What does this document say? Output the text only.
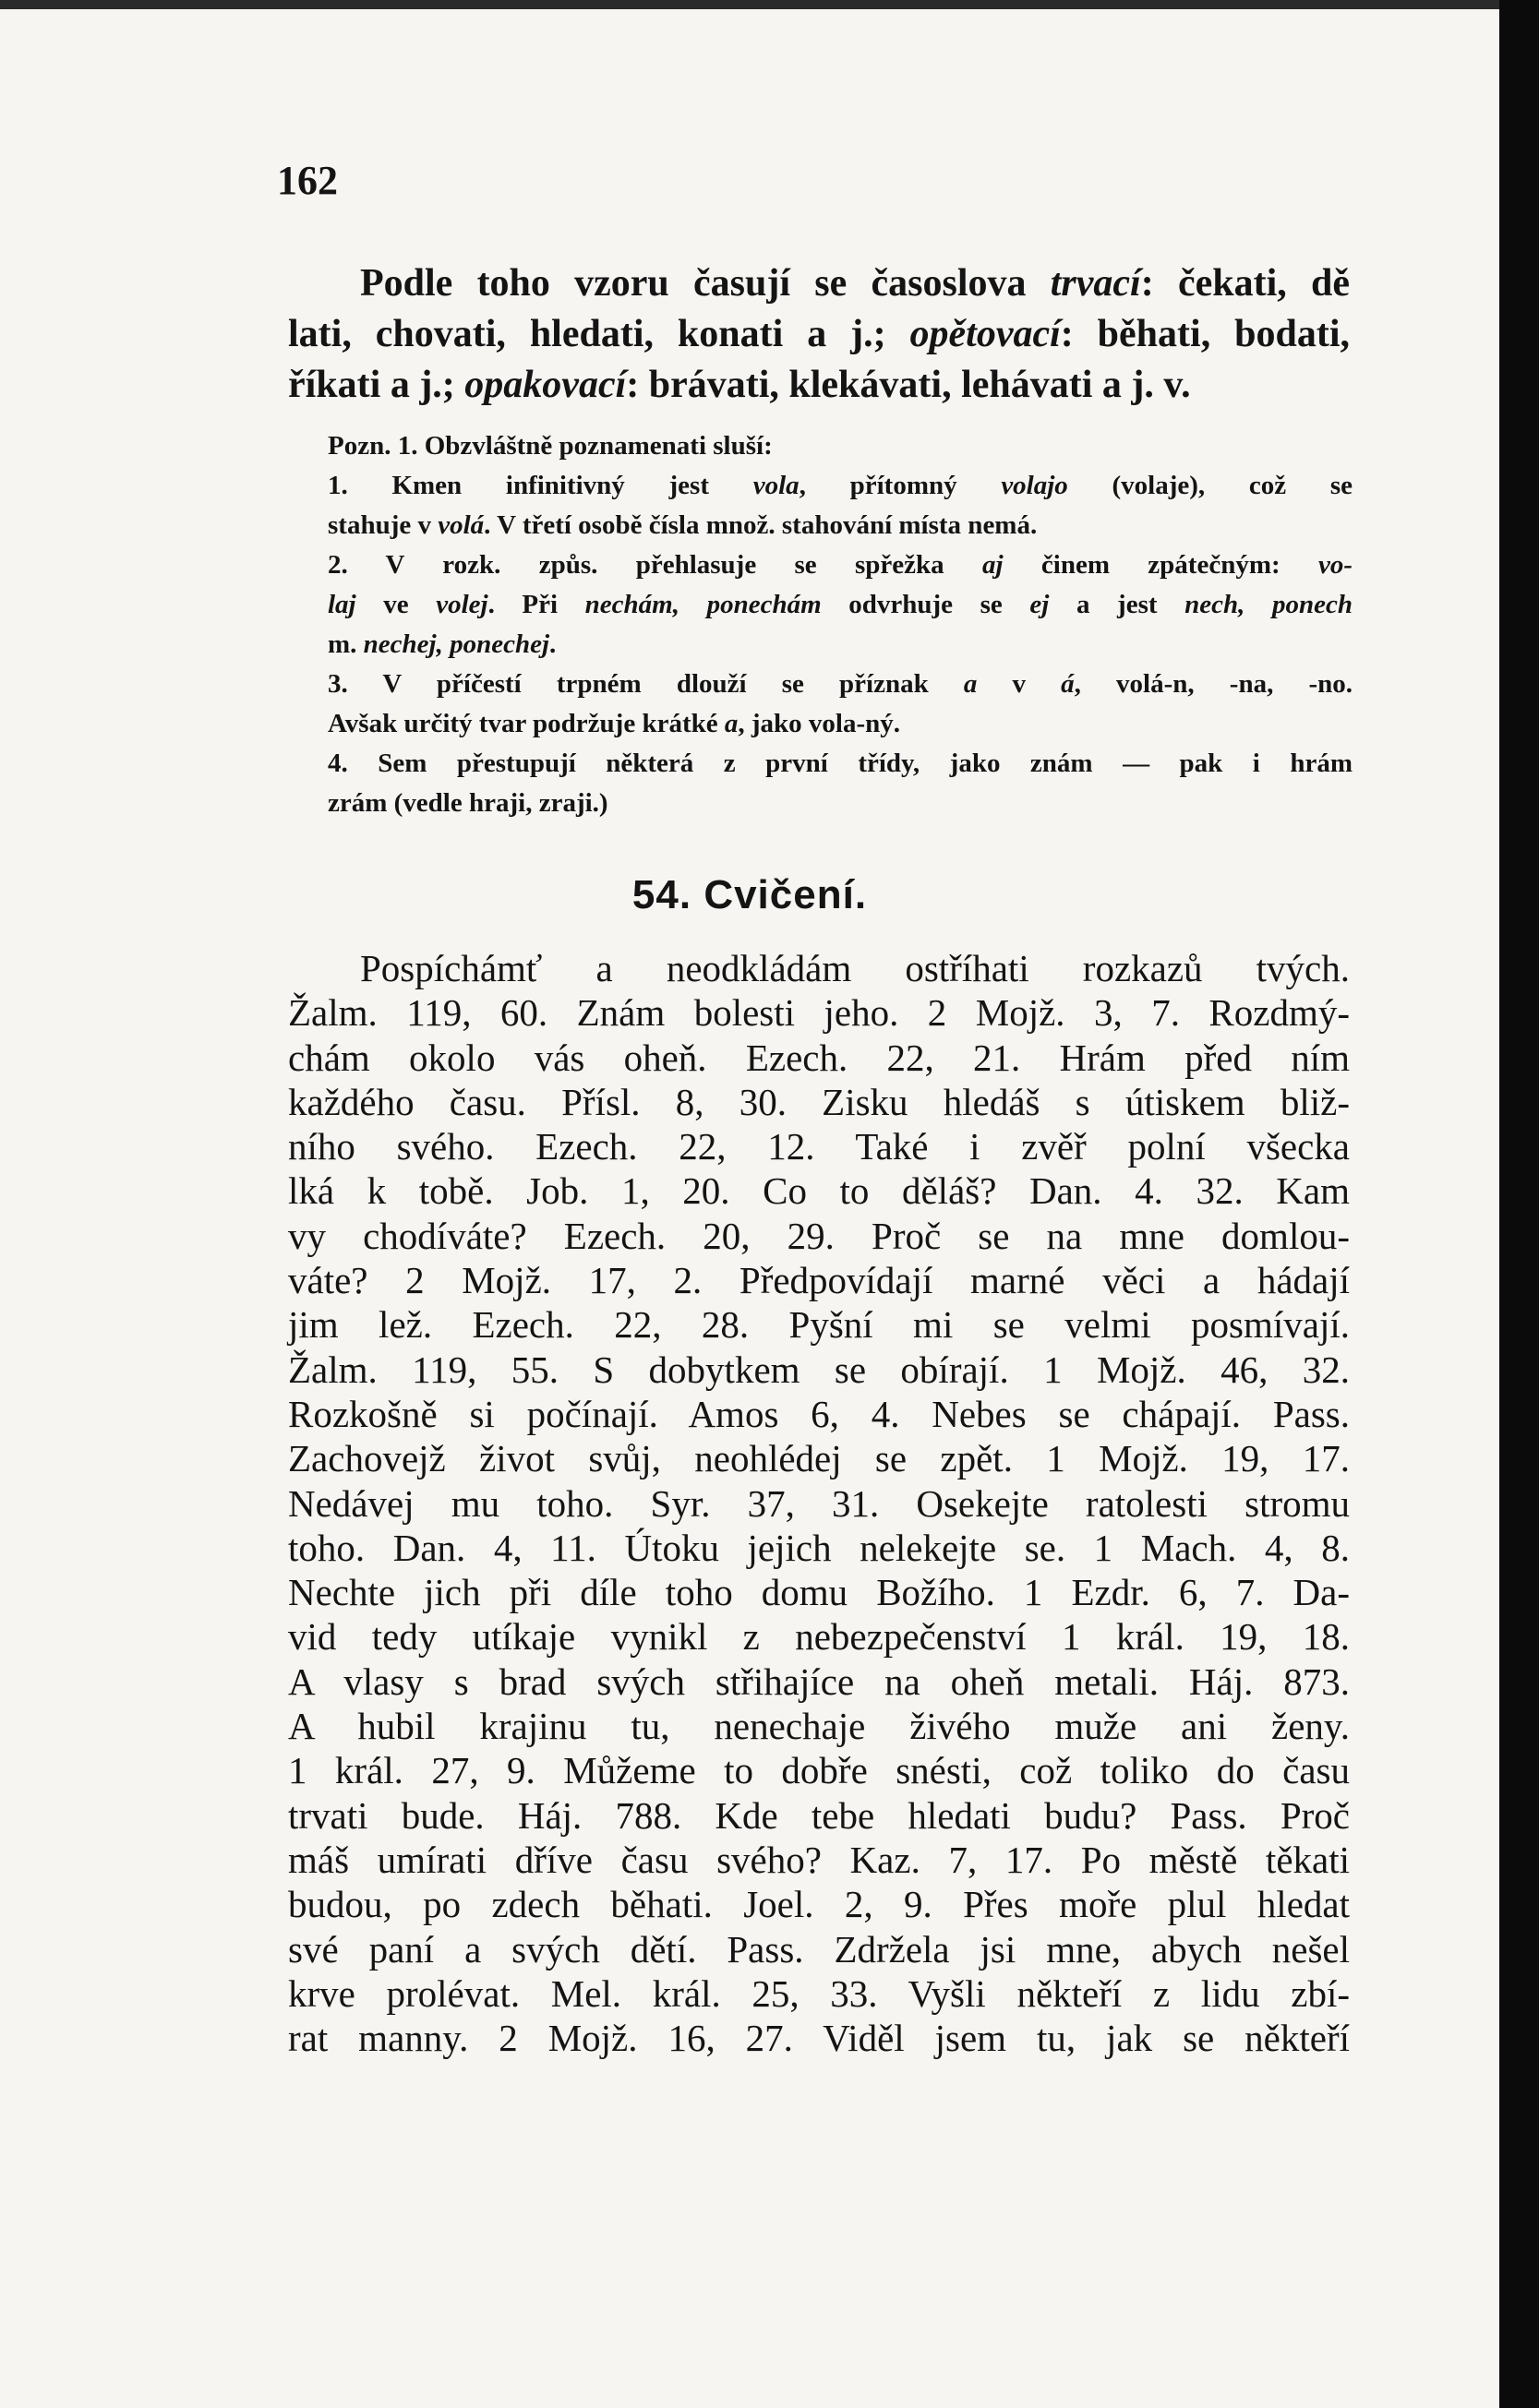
162
Podle toho vzoru časují se časoslova trvací: čekati, dě
lati, chovati, hledati, konati a j.; opětovací: běhati, bodati,
říkati a j.; opakovací: brávati, klekávati, lehávati a j. v.
Pozn. 1. Obzvláštně poznamenati sluší:
1. Kmen infinitivný jest vola, přítomný volajo (volaje), což se
stahuje v volá. V třetí osobě čísla množ. stahování místa nemá.
2. V rozk. způs. přehlasuje se spřežka aj činem zpátečným: vo-
laj ve volej. Při nechám, ponechám odvrhuje se ej a jest nech, ponech
m. nechej, ponechej.
3. V příčestí trpném dlouží se příznak a v á, volá-n, -na, -no.
Avšak určitý tvar podržuje krátké a, jako vola-ný.
4. Sem přestupují některá z první třídy, jako znám — pak i hrám
zrám (vedle hraji, zraji.)
54. Cvičení.
Pospíchámť a neodkládám ostříhati rozkazů tvých.
Žalm. 119, 60. Znám bolesti jeho. 2 Mojž. 3, 7. Rozdmý-
chám okolo vás oheň. Ezech. 22, 21. Hrám před ním
každého času. Přísl. 8, 30. Zisku hledáš s útiskem bliž-
ního svého. Ezech. 22, 12. Také i zvěř polní všecka
lká k tobě. Job. 1, 20. Co to děláš? Dan. 4. 32. Kam
vy chodíváte? Ezech. 20, 29. Proč se na mne domlou-
váte? 2 Mojž. 17, 2. Předpovídají marné věci a hádají
jim lež. Ezech. 22, 28. Pyšní mi se velmi posmívají.
Žalm. 119, 55. S dobytkem se obírají. 1 Mojž. 46, 32.
Rozkošně si počínají. Amos 6, 4. Nebes se chápají. Pass.
Zachovejž život svůj, neohlédej se zpět. 1 Mojž. 19, 17.
Nedávej mu toho. Syr. 37, 31. Osekejte ratolesti stromu
toho. Dan. 4, 11. Útoku jejich nelekejte se. 1 Mach. 4, 8.
Nechte jich při díle toho domu Božího. 1 Ezdr. 6, 7. Da-
vid tedy utíkaje vynikl z nebezpečenství 1 král. 19, 18.
A vlasy s brad svých střihajíce na oheň metali. Háj. 873.
A hubil krajinu tu, nenechaje živého muže ani ženy.
1 král. 27, 9. Můžeme to dobře snésti, což toliko do času
trvati bude. Háj. 788. Kde tebe hledati budu? Pass. Proč
máš umírati dříve času svého? Kaz. 7, 17. Po městě těkati
budou, po zdech běhati. Joel. 2, 9. Přes moře plul hledat
své paní a svých dětí. Pass. Zdržela jsi mne, abych nešel
krve prolévat. Mel. král. 25, 33. Vyšli někteří z lidu zbí-
rat manny. 2 Mojž. 16, 27. Viděl jsem tu, jak se někteří
